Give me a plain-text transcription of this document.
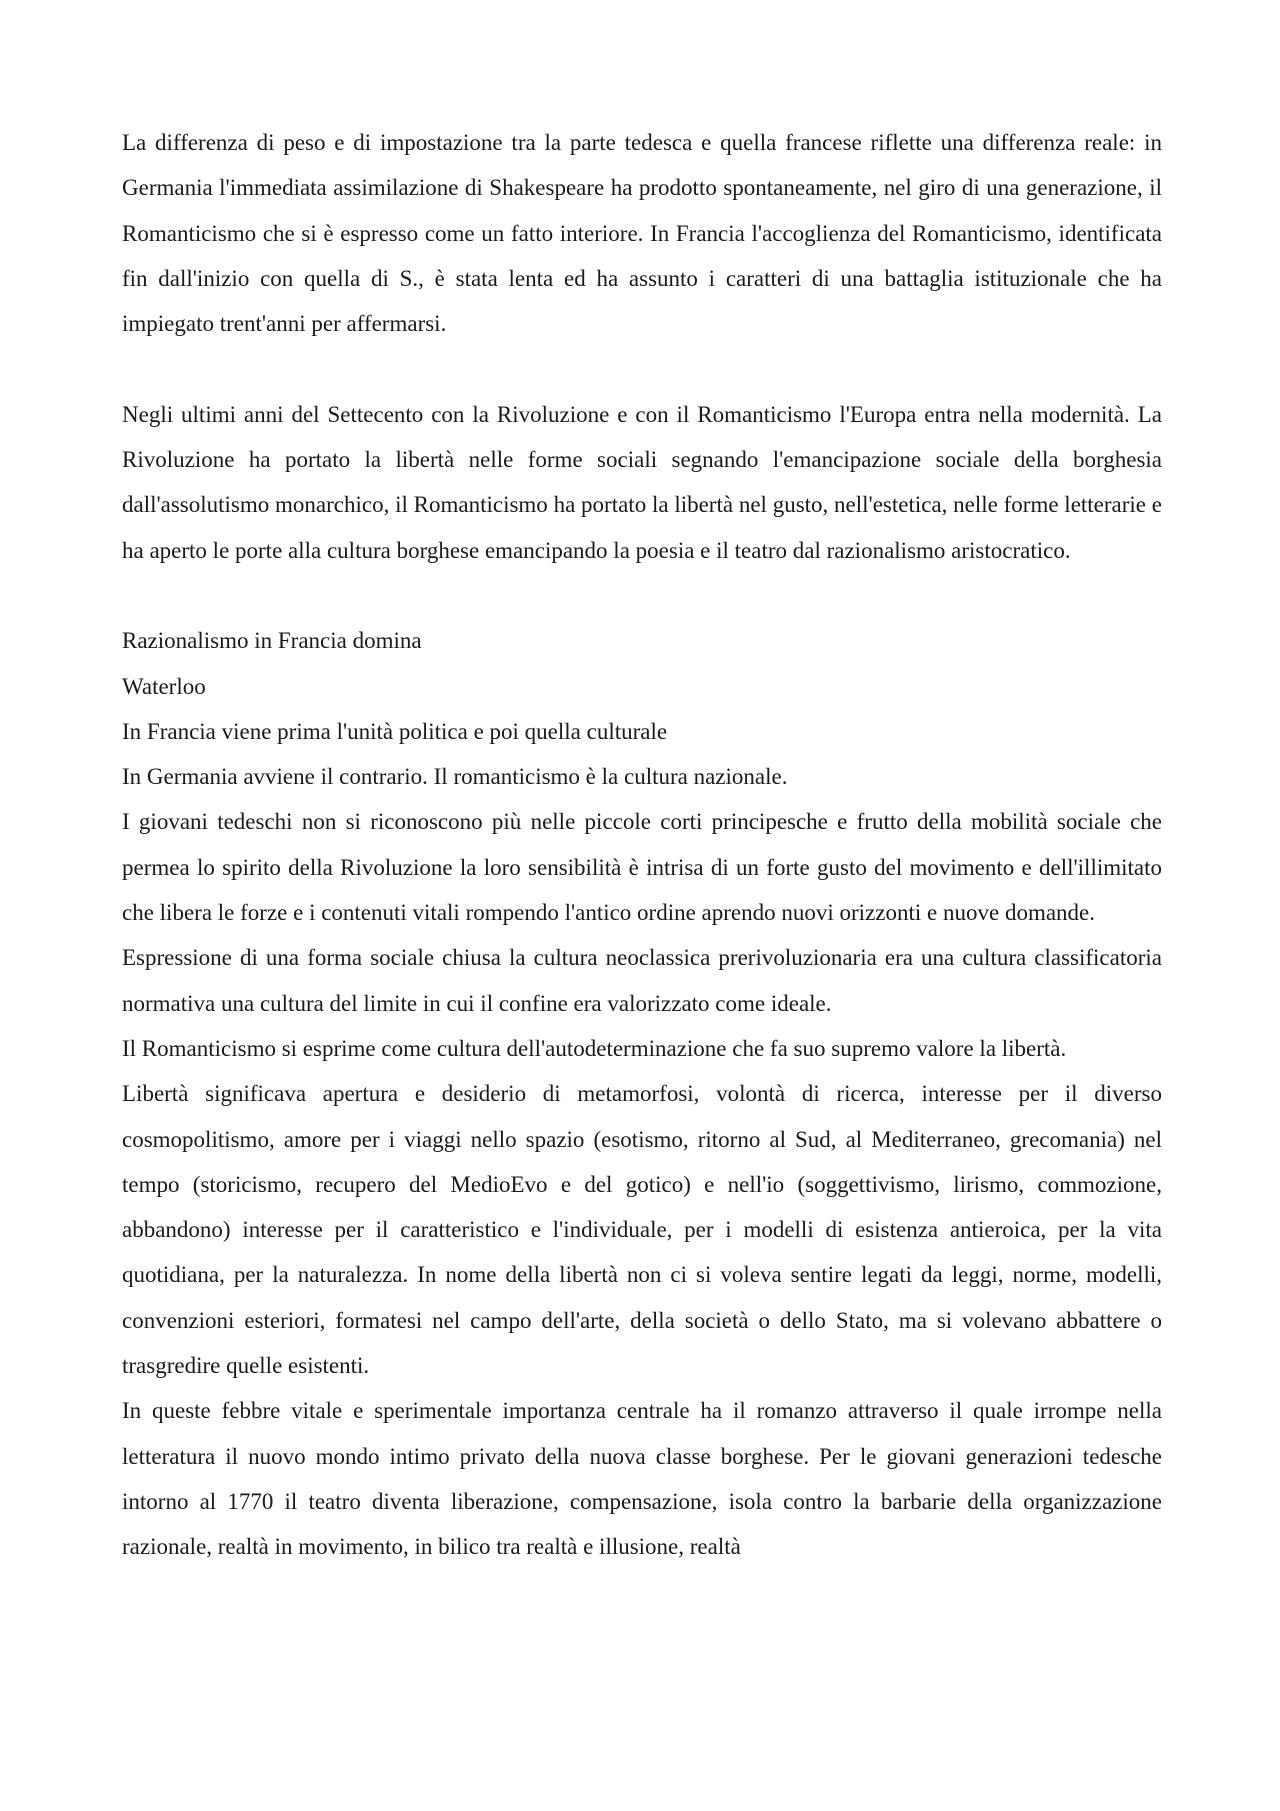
La differenza di peso e di impostazione tra la parte tedesca e quella francese riflette una differenza reale: in Germania l'immediata assimilazione di Shakespeare ha prodotto spontaneamente, nel giro di una generazione, il Romanticismo che si è espresso come un fatto interiore. In Francia l'accoglienza del Romanticismo, identificata fin dall'inizio con quella di S., è stata lenta ed ha assunto i caratteri di una battaglia istituzionale che ha impiegato trent'anni per affermarsi.

Negli ultimi anni del Settecento con la Rivoluzione e con il Romanticismo l'Europa entra nella modernità. La Rivoluzione ha portato la libertà nelle forme sociali segnando l'emancipazione sociale della borghesia dall'assolutismo monarchico, il Romanticismo ha portato la libertà nel gusto, nell'estetica, nelle forme letterarie e ha aperto le porte alla cultura borghese emancipando la poesia e il teatro dal razionalismo aristocratico.

Razionalismo in Francia domina

Waterloo

In Francia viene prima l'unità politica e poi quella culturale

In Germania avviene il contrario. Il romanticismo è la cultura nazionale.

I giovani tedeschi non si riconoscono più nelle piccole corti principesche e frutto della mobilità sociale che permea lo spirito della Rivoluzione la loro sensibilità è intrisa di un forte gusto del movimento e dell'illimitato che libera le forze e i contenuti vitali rompendo l'antico ordine aprendo nuovi orizzonti e nuove domande.

Espressione di una forma sociale chiusa la cultura neoclassica prerivoluzionaria era una cultura classificatoria normativa una cultura del limite in cui il confine era valorizzato come ideale.

Il Romanticismo si esprime come cultura dell'autodeterminazione che fa suo supremo valore la libertà.

Libertà significava apertura e desiderio di metamorfosi, volontà di ricerca, interesse per il diverso cosmopolitismo, amore per i viaggi nello spazio (esotismo, ritorno al Sud, al Mediterraneo, grecomania) nel tempo (storicismo, recupero del MedioEvo e del gotico) e nell'io (soggettivismo, lirismo, commozione, abbandono) interesse per il caratteristico e l'individuale, per i modelli di esistenza antieroica, per la vita quotidiana, per la naturalezza. In nome della libertà non ci si voleva sentire legati da leggi, norme, modelli, convenzioni esteriori, formatesi nel campo dell'arte, della società o dello Stato, ma si volevano abbattere o trasgredire quelle esistenti.

In queste febbre vitale e sperimentale importanza centrale ha il romanzo attraverso il quale irrompe nella letteratura il nuovo mondo intimo privato della nuova classe borghese. Per le giovani generazioni tedesche intorno al 1770 il teatro diventa liberazione, compensazione, isola contro la barbarie della organizzazione razionale, realtà in movimento, in bilico tra realtà e illusione, realtà
